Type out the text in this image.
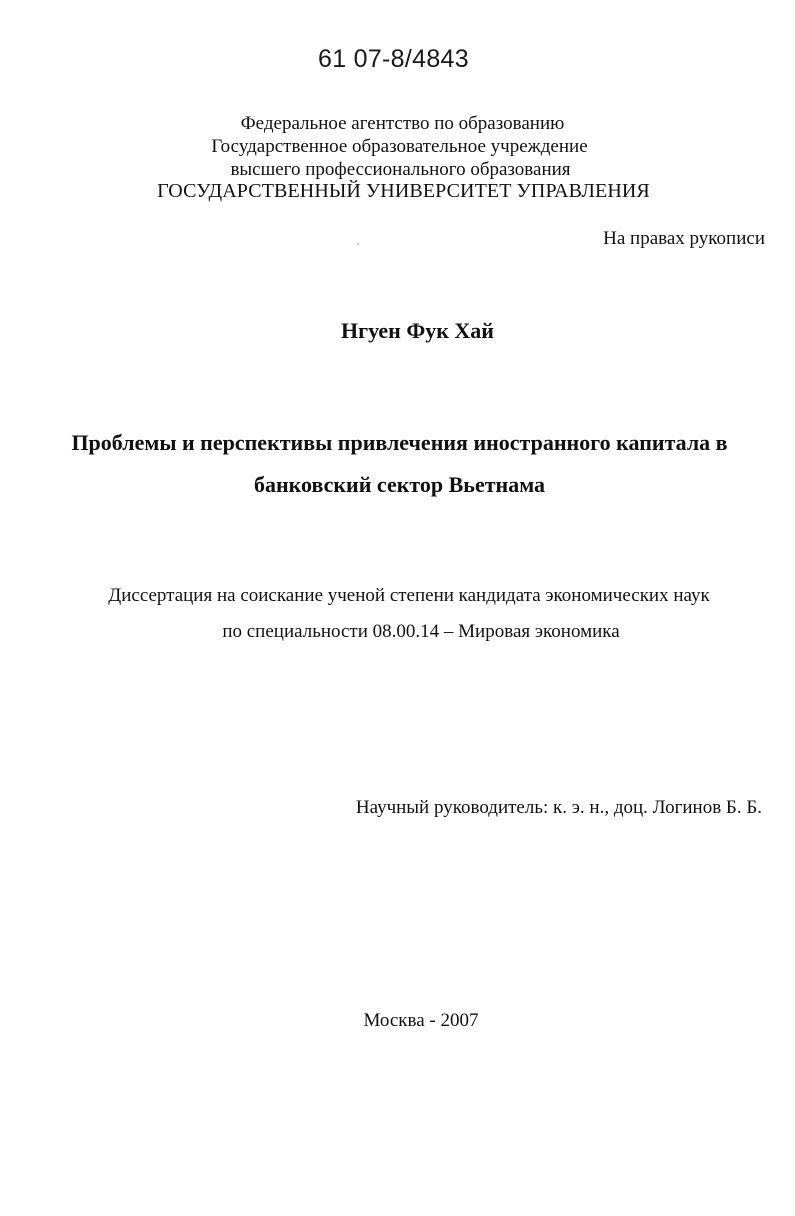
61 07-8/4843
Федеральное агентство по образованию
Государственное образовательное учреждение
высшего профессионального образования
ГОСУДАРСТВЕННЫЙ УНИВЕРСИТЕТ УПРАВЛЕНИЯ
На правах рукописи
Нгуен Фук Хай
Проблемы и перспективы привлечения иностранного капитала в
банковский сектор Вьетнама
Диссертация на соискание ученой степени кандидата экономических наук
по специальности 08.00.14 – Мировая экономика
Научный руководитель: к. э. н., доц. Логинов Б. Б.
Москва - 2007
